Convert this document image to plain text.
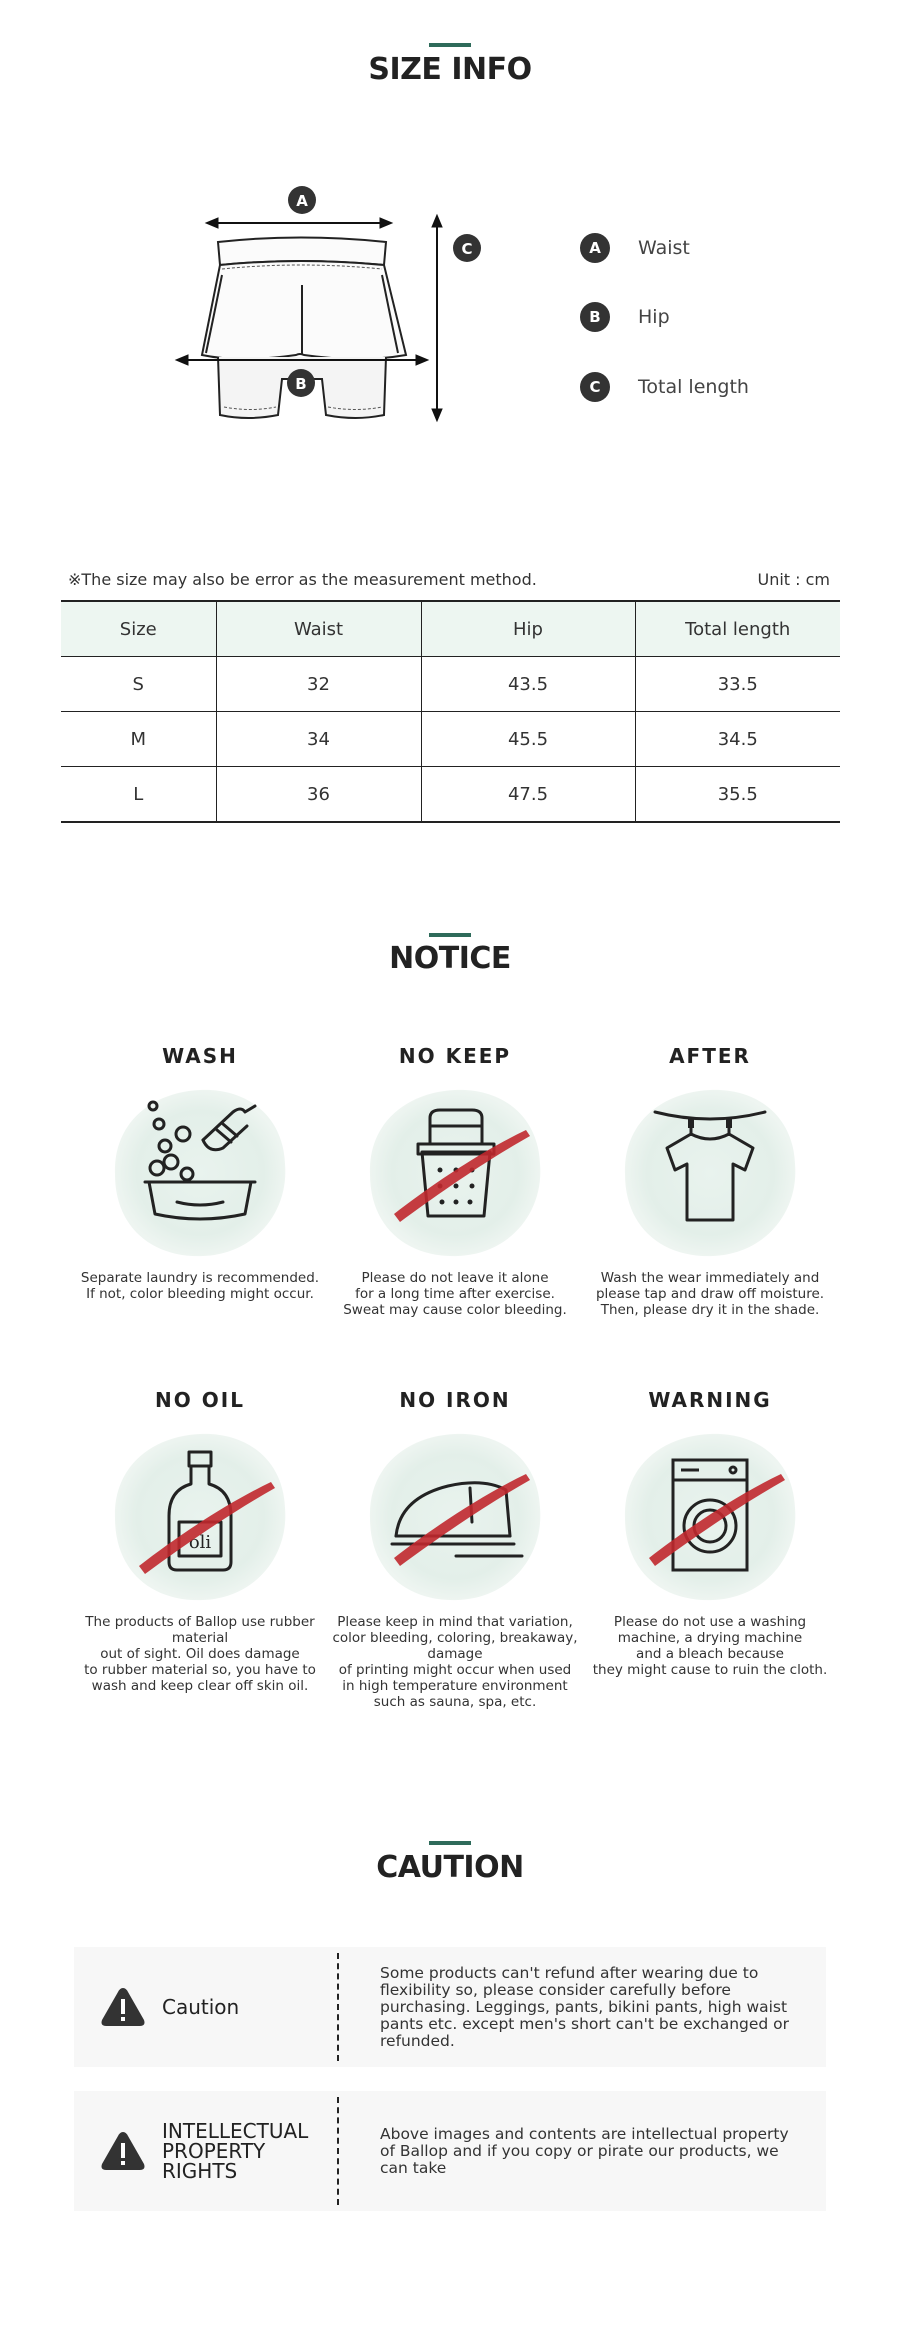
SIZE INFO
A
B
C	A	Waist
B	Hip
C	Total length
※The size may also be error as the measurement method.	Unit : cm
Size	Waist	Hip	Total length
S	32	43.5	33.5
M	34	45.5	34.5
L	36	47.5	35.5
NOTICE
WASH
Separate laundry is recommended.
If not, color bleeding might occur.
NO KEEP
Please do not leave it alone
for a long time after exercise.
Sweat may cause color bleeding.
AFTER
Wash the wear immediately and
please tap and draw off moisture.
Then, please dry it in the shade.
NO OIL
oli
The products of Ballop use rubber material
out of sight. Oil does damage
to rubber material so, you have to
wash and keep clear off skin oil.
NO IRON
Please keep in mind that variation,
color bleeding, coloring, breakaway, damage
of printing might occur when used
in high temperature environment
such as sauna, spa, etc.
WARNING
Please do not use a washing
machine, a drying machine
and a bleach because
they might cause to ruin the cloth.
CAUTION
Caution
Some products can't refund after wearing due to flexibility so, please consider carefully before purchasing. Leggings, pants, bikini pants, high waist pants etc. except men's short can't be exchanged or refunded.
INTELLECTUAL
PROPERTY
RIGHTS
Above images and contents are intellectual property of Ballop and if you copy or pirate our products, we can take
